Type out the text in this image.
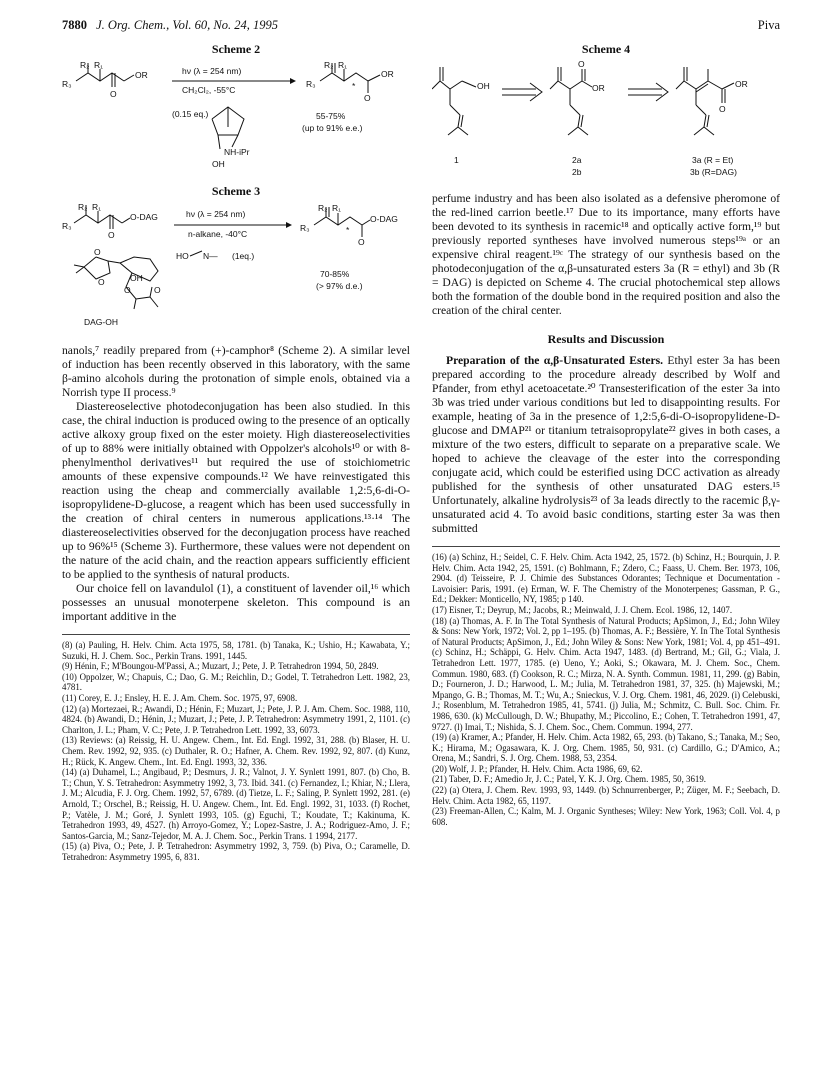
7880 J. Org. Chem., Vol. 60, No. 24, 1995	Piva
Scheme 2
R₂ R₁
R₃
OR
O
hν (λ = 254 nm)
CH₂Cl₂, -55°C
(0.15 eq.)
NH-iPr
OH
R₂ R₁
R₃
OR
O
*
55-75%
(up to 91% e.e.)
Scheme 3
R₂ R₁
R₃
O-DAG
O
hν (λ = 254 nm)
n-alkane, -40°C
HO N— (1eq.)
R₂ R₁
R₃
O-DAG
O
*
70-85%
(> 97% d.e.)
O
O	OH
O	O
DAG-OH

nanols,⁷ readily prepared from (+)-camphor⁸ (Scheme 2). A similar level of induction has been recently observed in this laboratory, with the same β-amino alcohols during the protonation of simple enols, obtained via a Norrish type II process.⁹

Diastereoselective photodeconjugation has been also studied. In this case, the chiral induction is produced owing to the presence of an optically active alkoxy group fixed on the ester moiety. High diastereoselectivities of up to 88% were initially obtained with Oppolzer's alcohols¹⁰ or with 8-phenylmenthol derivatives¹¹ but required the use of stoichiometric amounts of these expensive compounds.¹² We have reinvestigated this reaction using the cheap and commercially available 1,2:5,6-di-O-isopropylidene-D-glucose, a reagent which has been used successfully in the creation of chiral centers in numerous applications.¹³·¹⁴ The diastereoselectivities observed for the deconjugation process have reached up to 96%¹⁵ (Scheme 3). Furthermore, these values were not dependent on the nature of the acid chain, and the reaction appears sufficiently efficient to be applied to the synthesis of natural products.

Our choice fell on lavandulol (1), a constituent of lavender oil,¹⁶ which possesses an unusual monoterpene skeleton. This compound is an important additive in the

(8) (a) Pauling, H. Helv. Chim. Acta 1975, 58, 1781. (b) Tanaka, K.; Ushio, H.; Kawabata, Y.; Suzuki, H. J. Chem. Soc., Perkin Trans. 1991, 1445.

(9) Hénin, F.; M'Boungou-M'Passi, A.; Muzart, J.; Pete, J. P. Tetrahedron 1994, 50, 2849.

(10) Oppolzer, W.; Chapuis, C.; Dao, G. M.; Reichlin, D.; Godel, T. Tetrahedron Lett. 1982, 23, 4781.

(11) Corey, E. J.; Ensley, H. E. J. Am. Chem. Soc. 1975, 97, 6908.

(12) (a) Mortezaei, R.; Awandi, D.; Hénin, F.; Muzart, J.; Pete, J. P. J. Am. Chem. Soc. 1988, 110, 4824. (b) Awandi, D.; Hénin, J.; Muzart, J.; Pete, J. P. Tetrahedron: Asymmetry 1991, 2, 1101. (c) Charlton, J. L.; Pham, V. C.; Pete, J. P. Tetrahedron Lett. 1992, 33, 6073.

(13) Reviews: (a) Reissig, H. U. Angew. Chem., Int. Ed. Engl. 1992, 31, 288. (b) Blaser, H. U. Chem. Rev. 1992, 92, 935. (c) Duthaler, R. O.; Hafner, A. Chem. Rev. 1992, 92, 807. (d) Kunz, H.; Rück, K. Angew. Chem., Int. Ed. Engl. 1993, 32, 336.

(14) (a) Duhamel, L.; Angibaud, P.; Desmurs, J. R.; Valnot, J. Y. Synlett 1991, 807. (b) Cho, B. T.; Chun, Y. S. Tetrahedron: Asymmetry 1992, 3, 73. Ibid. 341. (c) Fernandez, I.; Khiar, N.; Llera, J. M.; Alcudia, F. J. Org. Chem. 1992, 57, 6789. (d) Tietze, L. F.; Saling, P. Synlett 1992, 281. (e) Arnold, T.; Orschel, B.; Reissig, H. U. Angew. Chem., Int. Ed. Engl. 1992, 31, 1033. (f) Rochet, P.; Vatèle, J. M.; Goré, J. Synlett 1993, 105. (g) Eguchi, T.; Koudate, T.; Kakinuma, K. Tetrahedron 1993, 49, 4527. (h) Arroyo-Gomez, Y.; Lopez-Sastre, J. A.; Rodriguez-Amo, J. F.; Santos-Garcia, M.; Sanz-Tejedor, M. A. J. Chem. Soc., Perkin Trans. 1 1994, 2177.

(15) (a) Piva, O.; Pete, J. P. Tetrahedron: Asymmetry 1992, 3, 759. (b) Piva, O.; Caramelle, D. Tetrahedron: Asymmetry 1995, 6, 831.

Scheme 4
OH
1
OR
O
2a
2b
OR
O
3a (R = Et)
3b (R=DAG)

perfume industry and has been also isolated as a defensive pheromone of the red-lined carrion beetle.¹⁷ Due to its importance, many efforts have been devoted to its synthesis in racemic¹⁸ and optically active form,¹⁹ but previously reported syntheses have involved numerous steps¹⁹ᵃ or an expensive chiral reagent.¹⁹ᶜ The strategy of our synthesis based on the photodeconjugation of the α,β-unsaturated esters 3a (R = ethyl) and 3b (R = DAG) is depicted on Scheme 4. The crucial photochemical step allows both the formation of the double bond in the required position and also the creation of the chiral center.

Results and Discussion

Preparation of the α,β-Unsaturated Esters. Ethyl ester 3a has been prepared according to the procedure already described by Wolf and Pfander, from ethyl acetoacetate.²⁰ Transesterification of the ester 3a into 3b was tried under various conditions but led to disappointing results. For example, heating of 3a in the presence of 1,2:5,6-di-O-isopropylidene-D-glucose and DMAP²¹ or titanium tetraisopropylate²² gives in both cases, a mixture of the two esters, difficult to separate on a preparative scale. We hoped to achieve the cleavage of the ester into the corresponding conjugate acid, which could be esterified using DCC activation as already published for the synthesis of other unsaturated DAG esters.¹⁵ Unfortunately, alkaline hydrolysis²³ of 3a leads directly to the racemic β,γ-unsaturated acid 4. To avoid basic conditions, starting ester 3a was then submitted

(16) (a) Schinz, H.; Seidel, C. F. Helv. Chim. Acta 1942, 25, 1572. (b) Schinz, H.; Bourquin, J. P. Helv. Chim. Acta 1942, 25, 1591. (c) Bohlmann, F.; Zdero, C.; Faass, U. Chem. Ber. 1973, 106, 2904. (d) Teisseire, P. J. Chimie des Substances Odorantes; Technique et Documentation - Lavoisier: Paris, 1991. (e) Erman, W. F. The Chemistry of the Monoterpenes; Gassman, P. G., Ed.; Dekker: Monticello, NY, 1985; p 140.

(17) Eisner, T.; Deyrup, M.; Jacobs, R.; Meinwald, J. J. Chem. Ecol. 1986, 12, 1407.

(18) (a) Thomas, A. F. In The Total Synthesis of Natural Products; ApSimon, J., Ed.; John Wiley & Sons: New York, 1972; Vol. 2, pp 1–195. (b) Thomas, A. F.; Bessière, Y. In The Total Synthesis of Natural Products; ApSimon, J., Ed.; John Wiley & Sons: New York, 1981; Vol. 4, pp 451–491. (c) Schinz, H.; Schäppi, G. Helv. Chim. Acta 1947, 1483. (d) Bertrand, M.; Gil, G.; Viala, J. Tetrahedron Lett. 1977, 1785. (e) Ueno, Y.; Aoki, S.; Okawara, M. J. Chem. Soc., Chem. Commun. 1980, 683. (f) Cookson, R. C.; Mirza, N. A. Synth. Commun. 1981, 11, 299. (g) Babin, D.; Fourneron, J. D.; Harwood, L. M.; Julia, M. Tetrahedron 1981, 37, 325. (h) Majewski, M.; Mpango, G. B.; Thomas, M. T.; Wu, A.; Snieckus, V. J. Org. Chem. 1981, 46, 2029. (i) Celebuski, J.; Rosenblum, M. Tetrahedron 1985, 41, 5741. (j) Julia, M.; Schmitz, C. Bull. Soc. Chim. Fr. 1986, 630. (k) McCullough, D. W.; Bhupathy, M.; Piccolino, E.; Cohen, T. Tetrahedron 1991, 47, 9727. (l) Imai, T.; Nishida, S. J. Chem. Soc., Chem. Commun. 1994, 277.

(19) (a) Kramer, A.; Pfander, H. Helv. Chim. Acta 1982, 65, 293. (b) Takano, S.; Tanaka, M.; Seo, K.; Hirama, M.; Ogasawara, K. J. Org. Chem. 1985, 50, 931. (c) Cardillo, G.; D'Amico, A.; Orena, M.; Sandri, S. J. Org. Chem. 1988, 53, 2354.

(20) Wolf, J. P.; Pfander, H. Helv. Chim. Acta 1986, 69, 62.

(21) Taber, D. F.; Amedio Jr, J. C.; Patel, Y. K. J. Org. Chem. 1985, 50, 3619.

(22) (a) Otera, J. Chem. Rev. 1993, 93, 1449. (b) Schnurrenberger, P.; Züger, M. F.; Seebach, D. Helv. Chim. Acta 1982, 65, 1197.

(23) Freeman-Allen, C.; Kalm, M. J. Organic Syntheses; Wiley: New York, 1963; Coll. Vol. 4, p 608.
